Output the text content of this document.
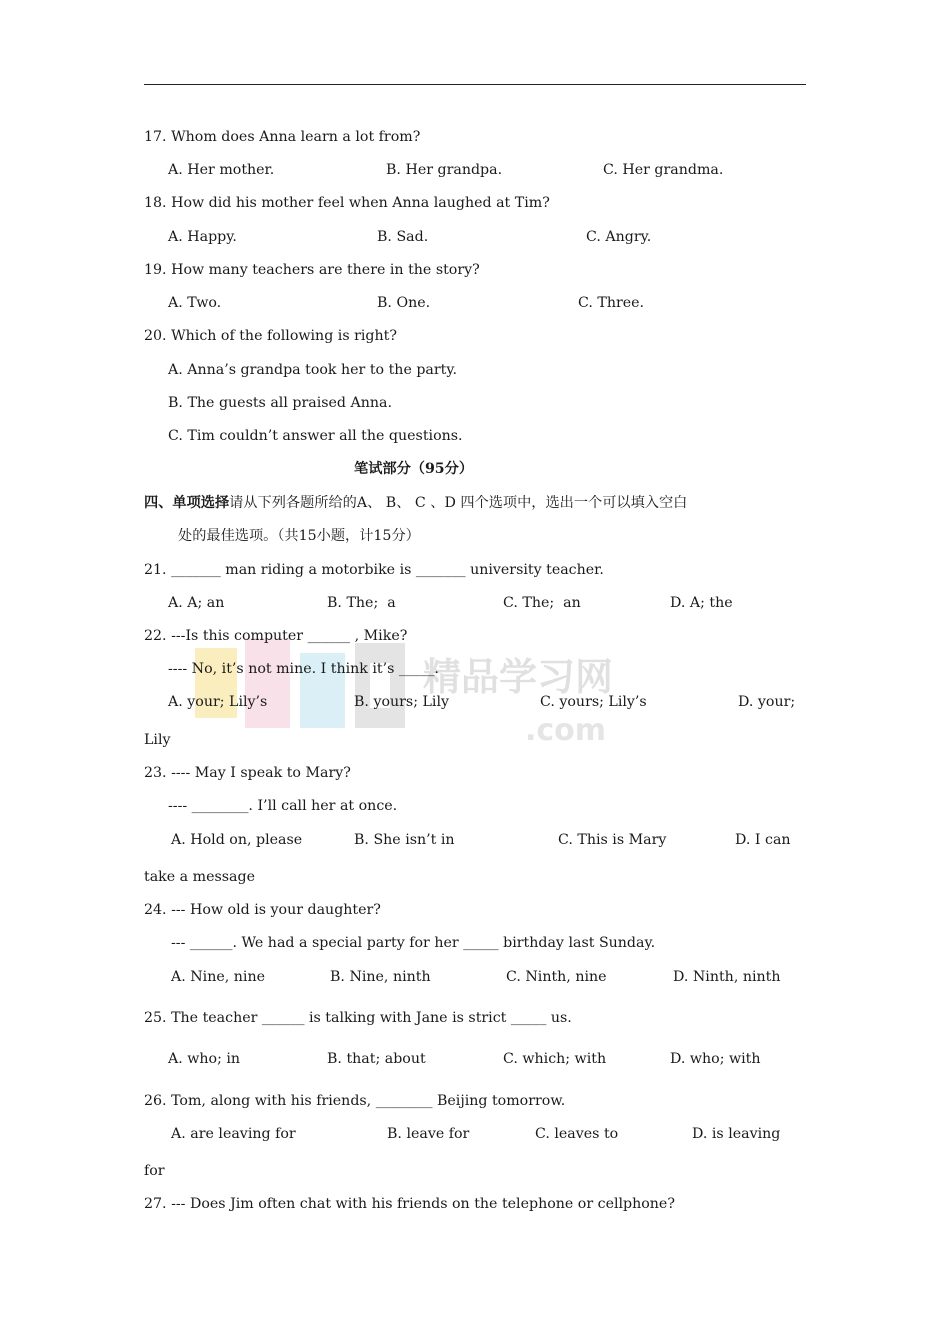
精品学习网
.com
17. Whom does Anna learn a lot from?
A. Her mother.	B. Her grandpa.	C. Her grandma.
18. How did his mother feel when Anna laughed at Tim?
A. Happy.	B. Sad.	C. Angry.
19. How many teachers are there in the story?
A. Two.	B. One.	C. Three.
20. Which of the following is right?
A. Anna’s grandpa took her to the party.
B. The guests all praised Anna.
C. Tim couldn’t answer all the questions.
笔试部分（95分）
四、单项选择请从下列各题所给的A、 B、 C 、D 四个选项中，选出一个可以填入空白
处的最佳选项。（共15小题，计15分）
21. _______ man riding a motorbike is _______ university teacher.
A. A; an	B. The;  a	C. The;  an	D. A; the
22. ---Is this computer ______ , Mike?
---- No, it’s not mine. I think it’s _____.
A. your; Lily’s	B. yours; Lily	C. yours; Lily’s	D. your;
Lily
23. ---- May I speak to Mary?
---- ________. I’ll call her at once.
A. Hold on, please	B. She isn’t in	C. This is Mary	D. I can
take a message
24. --- How old is your daughter?
--- ______. We had a special party for her _____ birthday last Sunday.
A. Nine, nine	B. Nine, ninth	C. Ninth, nine	D. Ninth, ninth
25. The teacher ______ is talking with Jane is strict _____ us.
A. who; in	B. that; about	C. which; with	D. who; with
26. Tom, along with his friends, ________ Beijing tomorrow.
A. are leaving for	B. leave for	C. leaves to	D. is leaving
for
27. --- Does Jim often chat with his friends on the telephone or cellphone?
